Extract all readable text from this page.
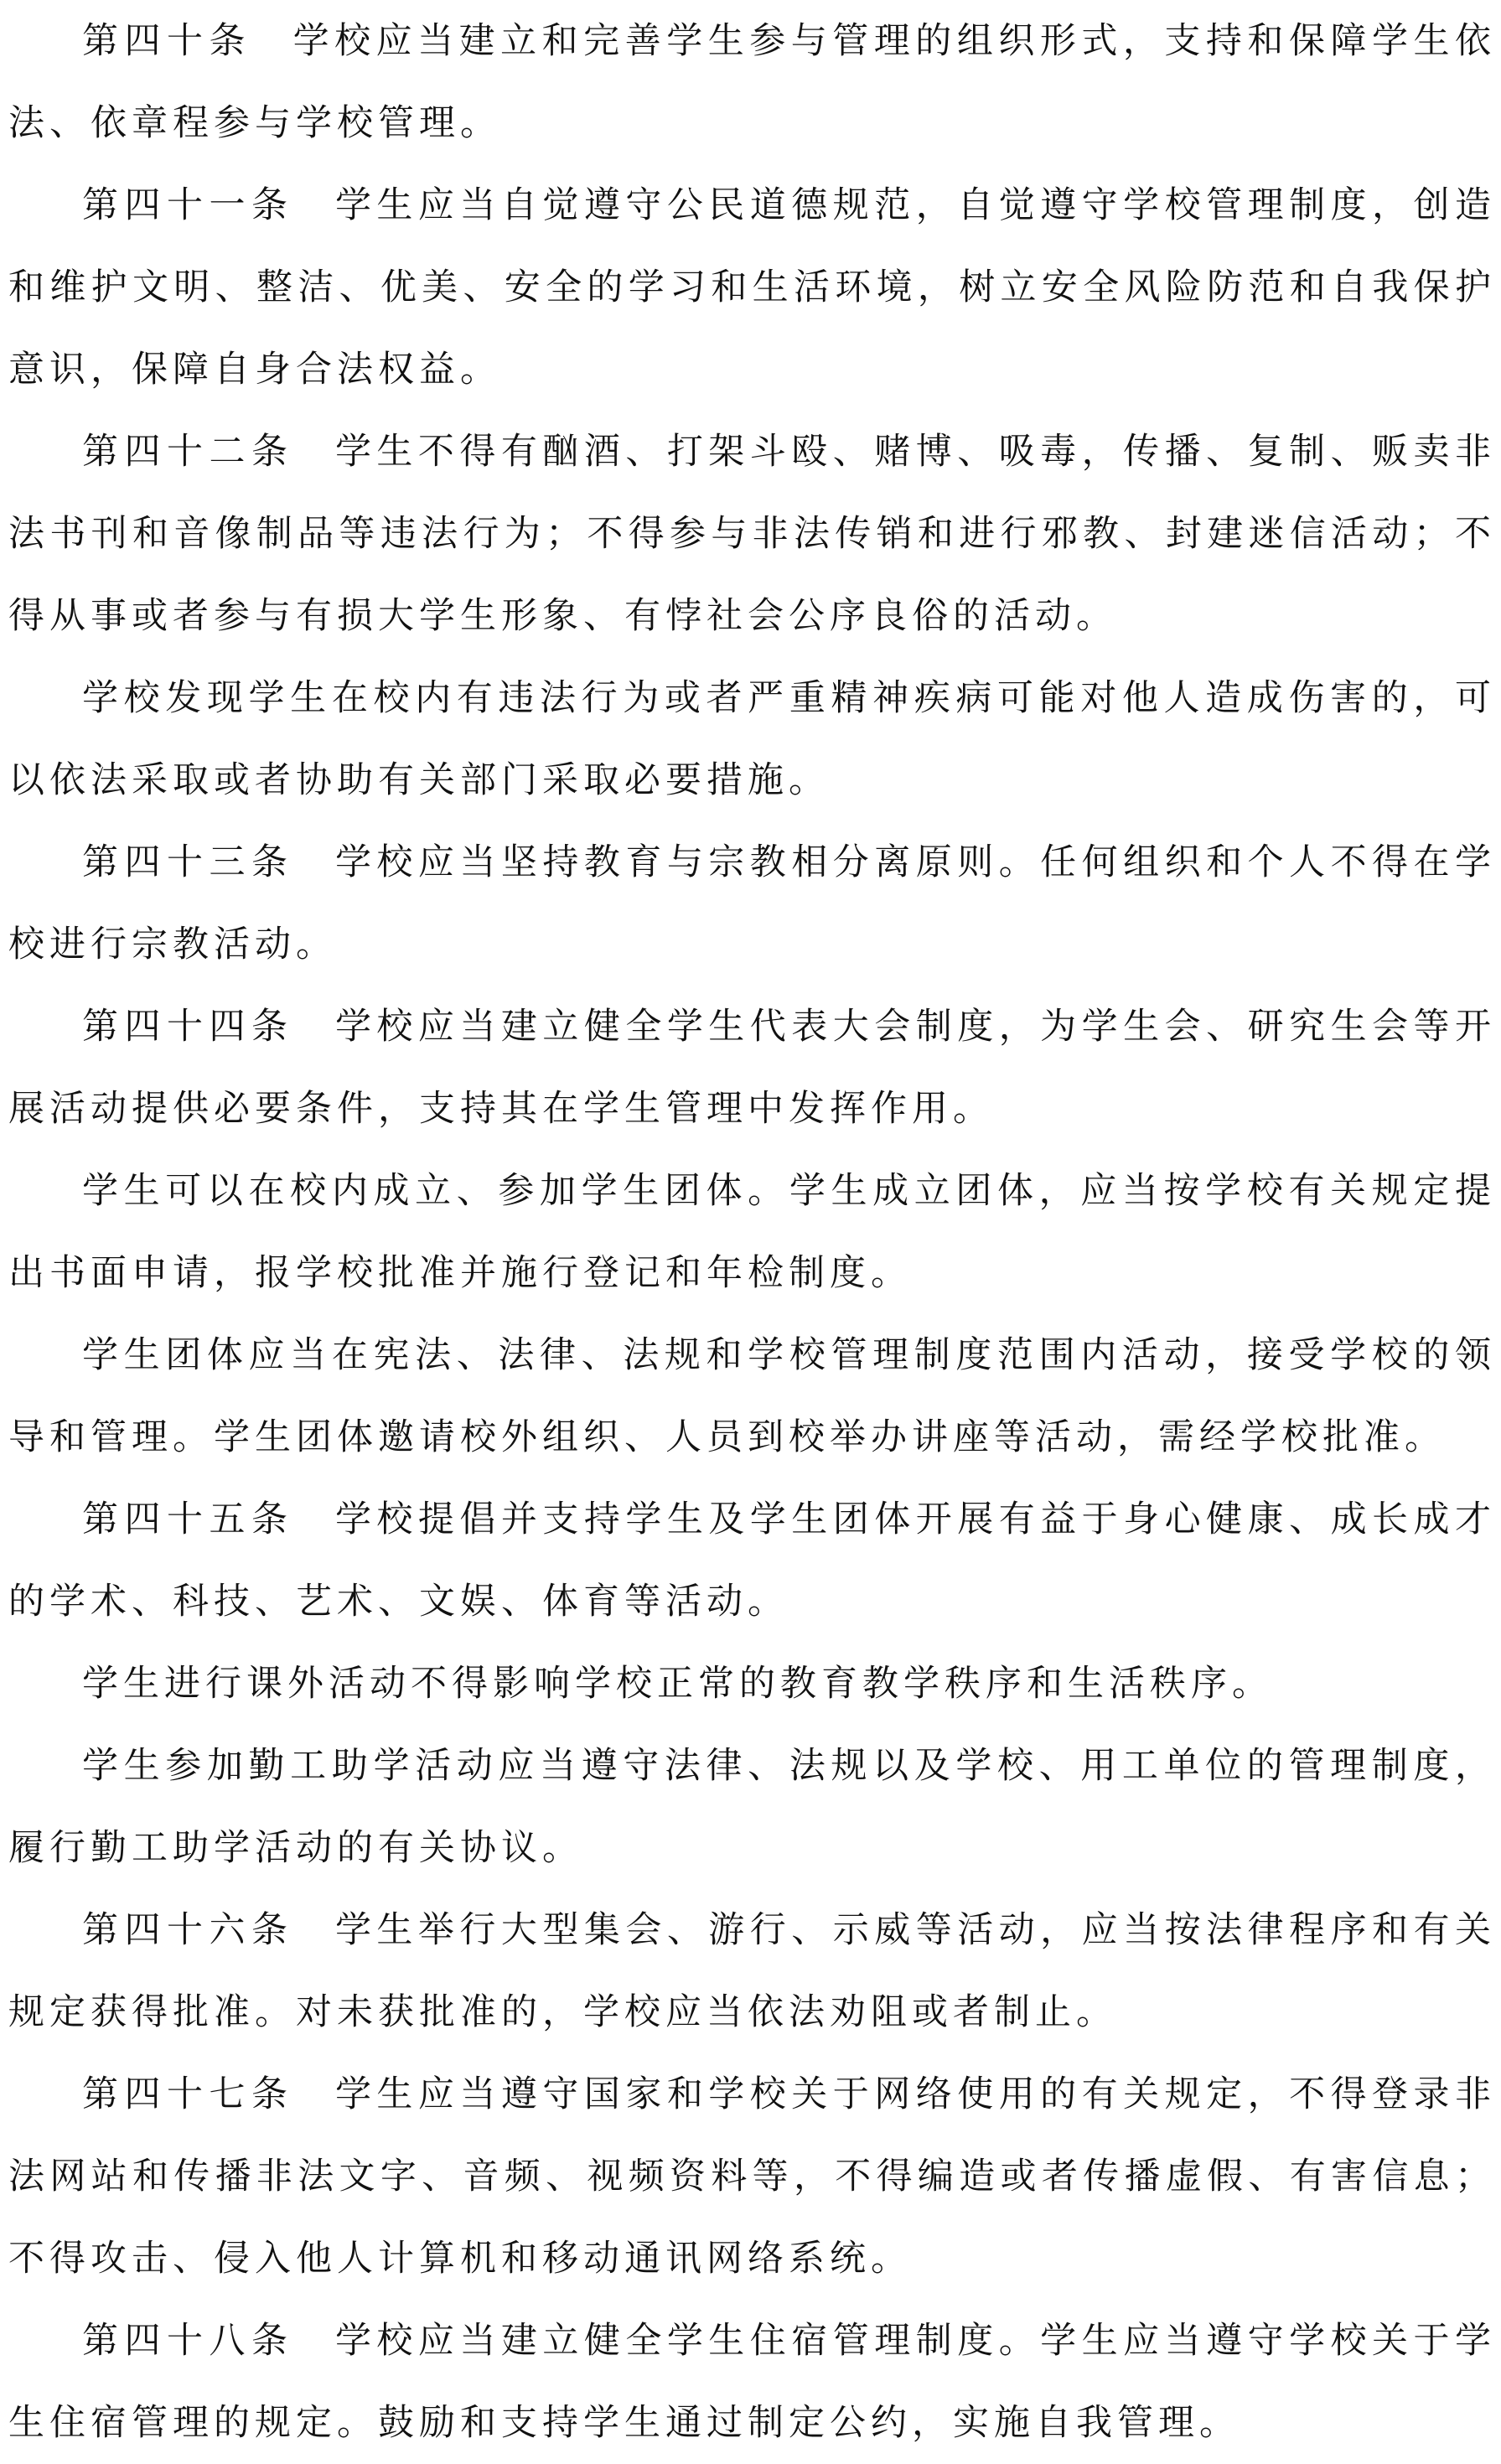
第四十条　 学校应当建立和完善学生参与管理的组织形式，支持和保障学生依法、依章程参与学校管理。

第四十一条　 学生应当自觉遵守公民道德规范，自觉遵守学校管理制度，创造和维护文明、整洁、优美、安全的学习和生活环境，树立安全风险防范和自我保护意识，保障自身合法权益。

第四十二条　 学生不得有酗酒、打架斗殴、赌博、吸毒，传播、复制、贩卖非法书刊和音像制品等违法行为；不得参与非法传销和进行邪教、封建迷信活动；不得从事或者参与有损大学生形象、有悖社会公序良俗的活动。

学校发现学生在校内有违法行为或者严重精神疾病可能对他人造成伤害的，可以依法采取或者协助有关部门采取必要措施。

第四十三条　 学校应当坚持教育与宗教相分离原则。任何组织和个人不得在学校进行宗教活动。

第四十四条　 学校应当建立健全学生代表大会制度，为学生会、研究生会等开展活动提供必要条件，支持其在学生管理中发挥作用。

学生可以在校内成立、参加学生团体。学生成立团体，应当按学校有关规定提出书面申请，报学校批准并施行登记和年检制度。

学生团体应当在宪法、法律、法规和学校管理制度范围内活动，接受学校的领导和管理。学生团体邀请校外组织、人员到校举办讲座等活动，需经学校批准。

第四十五条　 学校提倡并支持学生及学生团体开展有益于身心健康、成长成才的学术、科技、艺术、文娱、体育等活动。

学生进行课外活动不得影响学校正常的教育教学秩序和生活秩序。

学生参加勤工助学活动应当遵守法律、法规以及学校、用工单位的管理制度，履行勤工助学活动的有关协议。

第四十六条　 学生举行大型集会、游行、示威等活动，应当按法律程序和有关规定获得批准。对未获批准的，学校应当依法劝阻或者制止。

第四十七条　 学生应当遵守国家和学校关于网络使用的有关规定，不得登录非法网站和传播非法文字、音频、视频资料等，不得编造或者传播虚假、有害信息；不得攻击、侵入他人计算机和移动通讯网络系统。

第四十八条　 学校应当建立健全学生住宿管理制度。学生应当遵守学校关于学生住宿管理的规定。鼓励和支持学生通过制定公约，实施自我管理。
